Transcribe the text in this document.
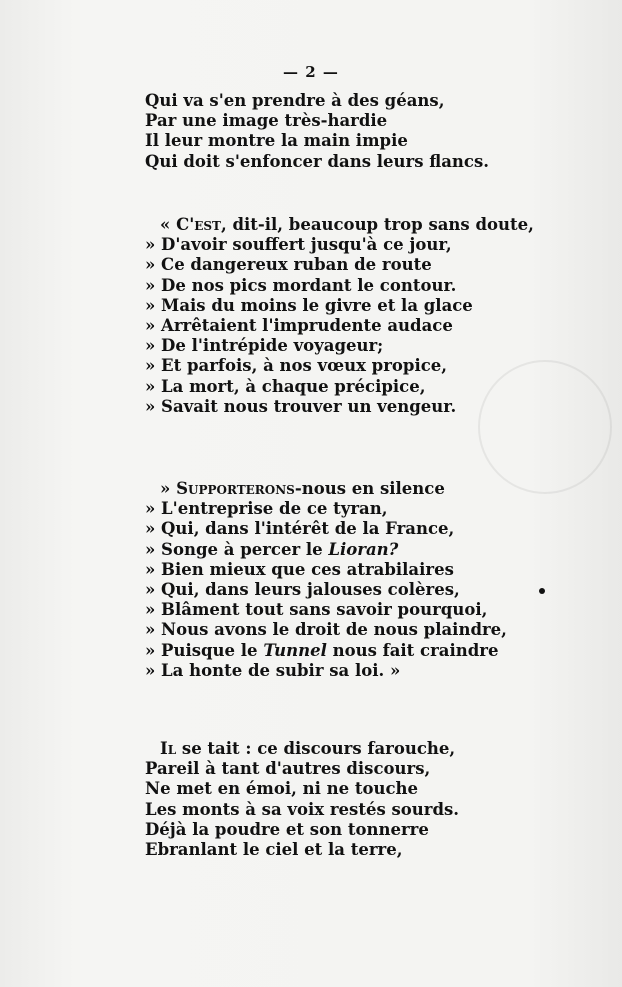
— 2 —
Qui va s'en prendre à des géans,
Par une image très-hardie
Il leur montre la main impie
Qui doit s'enfoncer dans leurs flancs.
« C'est, dit-il, beaucoup trop sans doute,
» D'avoir souffert jusqu'à ce jour,
» Ce dangereux ruban de route
» De nos pics mordant le contour.
» Mais du moins le givre et la glace
» Arrêtaient l'imprudente audace
» De l'intrépide voyageur;
» Et parfois, à nos vœux propice,
» La mort, à chaque précipice,
» Savait nous trouver un vengeur.
» Supporterons-nous en silence
» L'entreprise de ce tyran,
» Qui, dans l'intérêt de la France,
» Songe à percer le Lioran?
» Bien mieux que ces atrabilaires
» Qui, dans leurs jalouses colères,
» Blâment tout sans savoir pourquoi,
» Nous avons le droit de nous plaindre,
» Puisque le Tunnel nous fait craindre
» La honte de subir sa loi. »
Il se tait : ce discours farouche,
Pareil à tant d'autres discours,
Ne met en émoi, ni ne touche
Les monts à sa voix restés sourds.
Déjà la poudre et son tonnerre
Ebranlant le ciel et la terre,
